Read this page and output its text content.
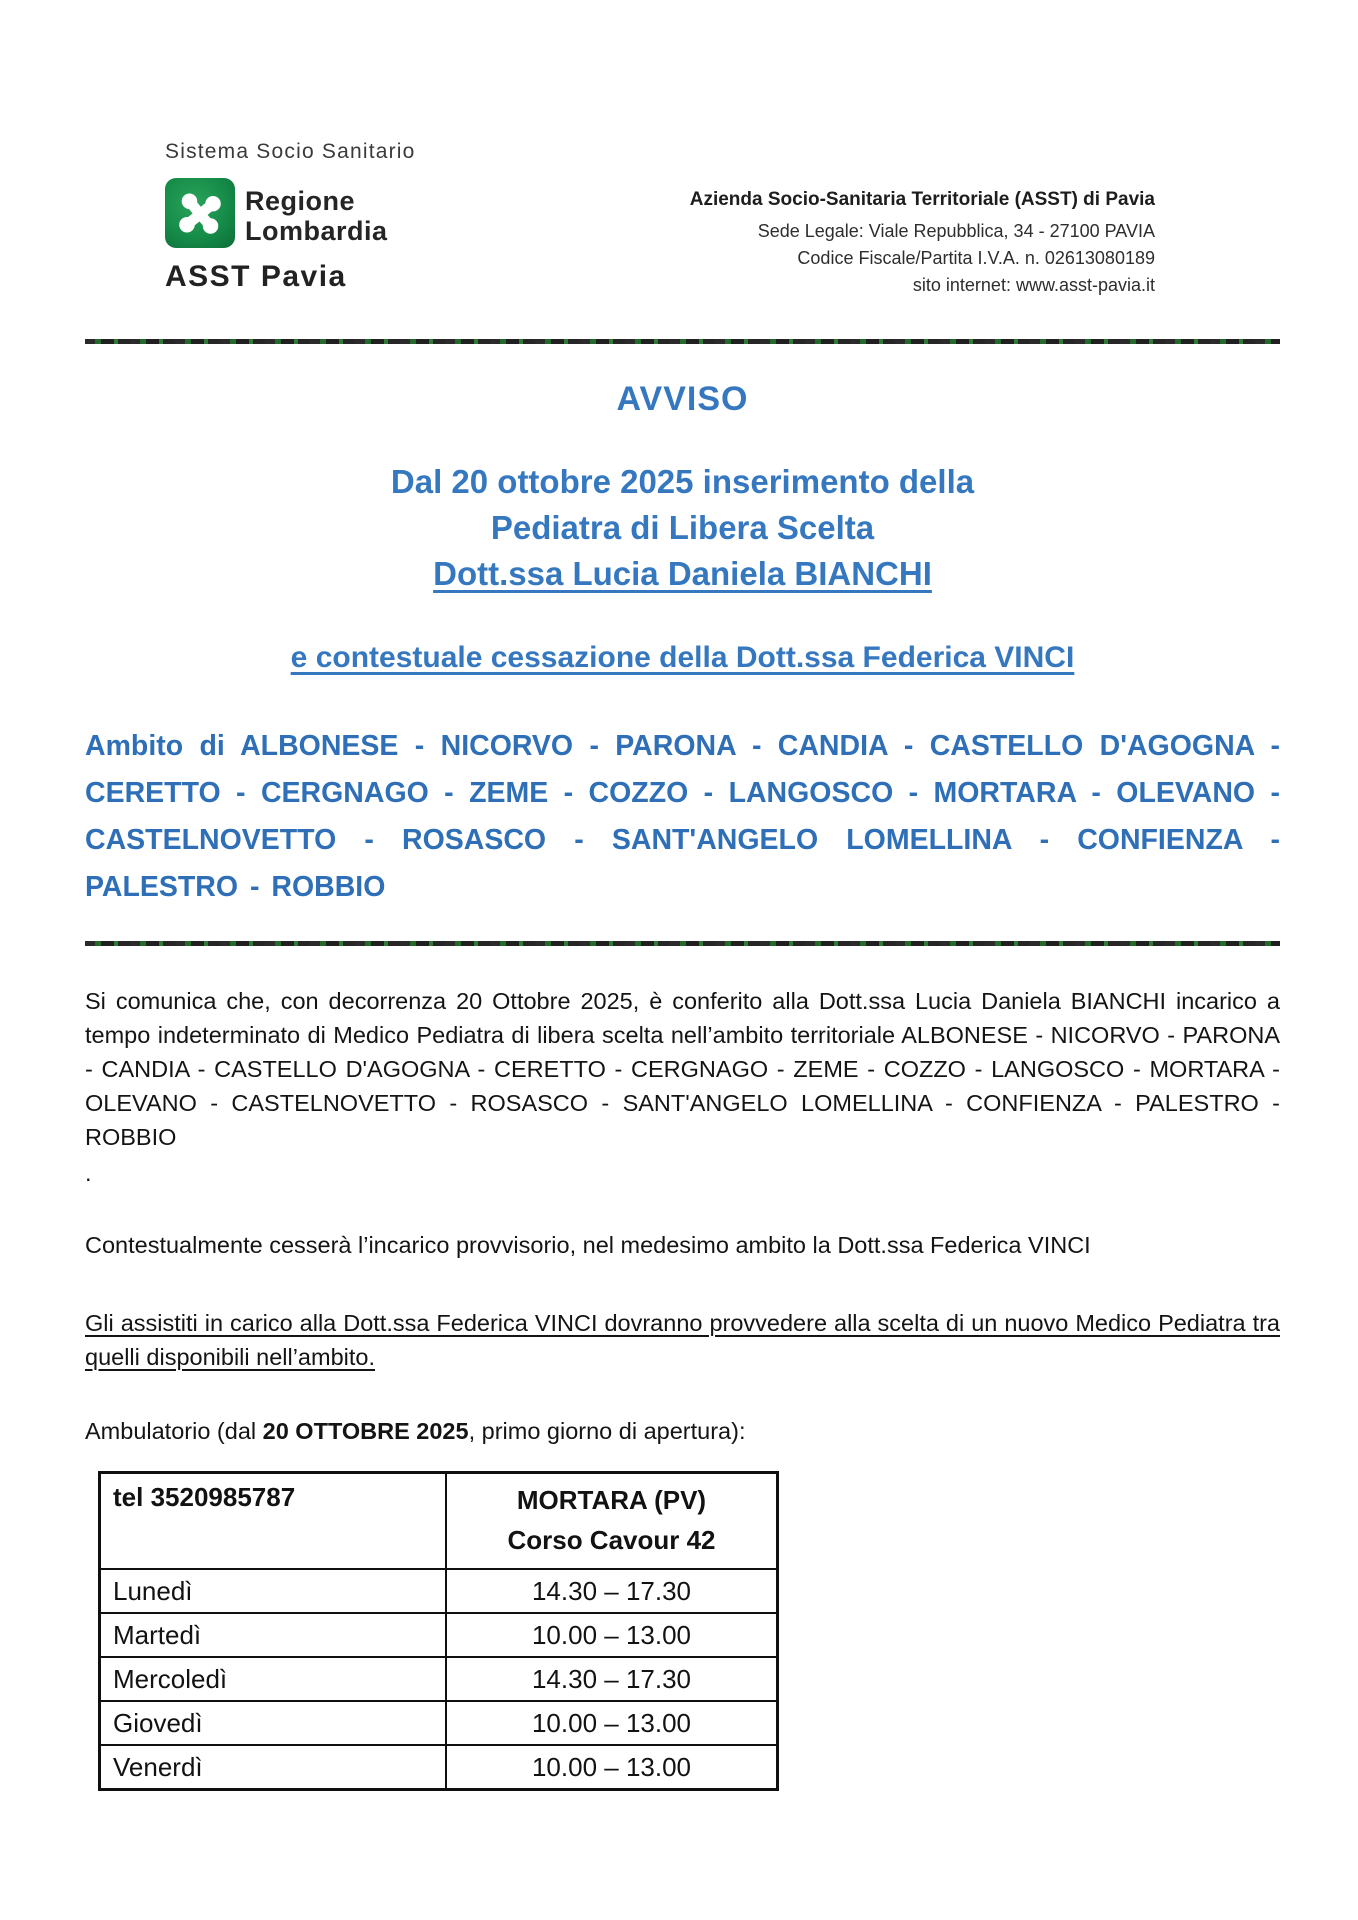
Sistema Socio Sanitario
Regione
Lombardia
ASST Pavia
Azienda Socio-Sanitaria Territoriale (ASST) di Pavia
Sede Legale: Viale Repubblica, 34 - 27100 PAVIA
Codice Fiscale/Partita I.V.A. n. 02613080189
sito internet: www.asst-pavia.it
AVVISO
Dal 20 ottobre 2025 inserimento della
Pediatra di Libera Scelta
Dott.ssa Lucia Daniela BIANCHI
e contestuale cessazione della Dott.ssa Federica VINCI

Ambito di ALBONESE - NICORVO - PARONA - CANDIA - CASTELLO D'AGOGNA - CERETTO - CERGNAGO - ZEME - COZZO - LANGOSCO - MORTARA - OLEVANO - CASTELNOVETTO - ROSASCO - SANT'ANGELO LOMELLINA - CONFIENZA - PALESTRO - ROBBIO

Si comunica che, con decorrenza 20 Ottobre 2025, è conferito alla Dott.ssa Lucia Daniela BIANCHI incarico a tempo indeterminato di Medico Pediatra di libera scelta nell’ambito territoriale ALBONESE - NICORVO - PARONA - CANDIA - CASTELLO D'AGOGNA - CERETTO - CERGNAGO - ZEME - COZZO - LANGOSCO - MORTARA - OLEVANO - CASTELNOVETTO - ROSASCO - SANT'ANGELO LOMELLINA - CONFIENZA - PALESTRO - ROBBIO

.

Contestualmente cesserà l’incarico provvisorio, nel medesimo ambito la Dott.ssa Federica VINCI

Gli assistiti in carico alla Dott.ssa Federica VINCI dovranno provvedere alla scelta di un nuovo Medico Pediatra tra quelli disponibili nell’ambito.

Ambulatorio (dal 20 OTTOBRE 2025, primo giorno di apertura):

tel 3520985787	MORTARA (PV)
Corso Cavour 42

Lunedì	14.30 – 17.30
Martedì	10.00 – 13.00
Mercoledì	14.30 – 17.30
Giovedì	10.00 – 13.00
Venerdì	10.00 – 13.00
